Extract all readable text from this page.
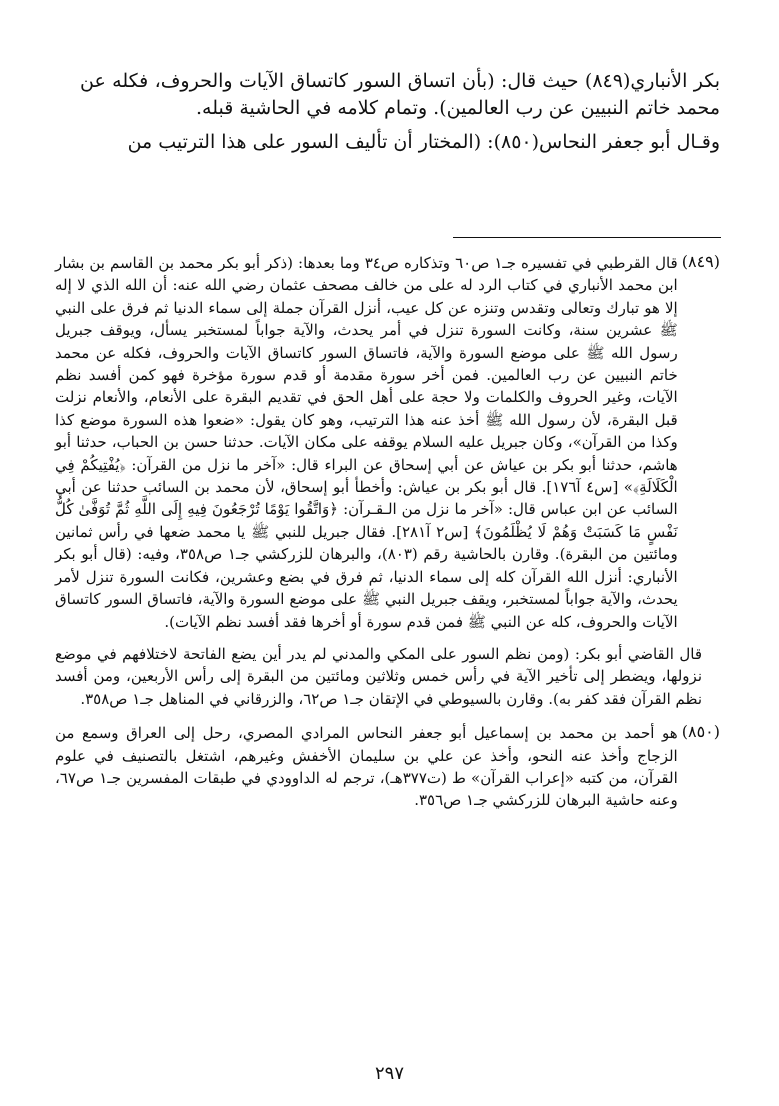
بكر الأنباري(٨٤٩) حيث قال: (بأن اتساق السور كاتساق الآيات والحروف، فكله عن محمد خاتم النبيين عن رب العالمين). وتمام كلامه في الحاشية قبله.

وقـال أبو جعفر النحاس(٨٥٠): (المختار أن تأليف السور على هذا الترتيب من

(٨٤٩)

قال القرطبي في تفسيره جـ١ ص٦٠ وتذكاره ص٣٤ وما بعدها: (ذكر أبو بكر محمد بن القاسم بن بشار ابن محمد الأنباري في كتاب الرد له على من خالف مصحف عثمان رضي الله عنه: أن الله الذي لا إله إلا هو تبارك وتعالى وتقدس وتنزه عن كل عيب، أنزل القرآن جملة إلى سماء الدنيا ثم فرق على النبي ﷺ عشرين سنة، وكانت السورة تنزل في أمر يحدث، والآية جواباً لمستخبر يسأل، ويوقف جبريل رسول الله ﷺ على موضع السورة والآية، فاتساق السور كاتساق الآيات والحروف، فكله عن محمد خاتم النبيين عن رب العالمين. فمن أخر سورة مقدمة أو قدم سورة مؤخرة فهو كمن أفسد نظم الآيات، وغير الحروف والكلمات ولا حجة على أهل الحق في تقديم البقرة على الأنعام، والأنعام نزلت قبل البقرة، لأن رسول الله ﷺ أخذ عنه هذا الترتيب، وهو كان يقول: «ضعوا هذه السورة موضع كذا وكذا من القرآن»، وكان جبريل عليه السلام يوقفه على مكان الآيات. حدثنا حسن بن الحباب، حدثنا أبو هاشم، حدثنا أبو بكر بن عياش عن أبي إسحاق عن البراء قال: «آخر ما نزل من القرآن: ﴿يُفْتِيكُمْ فِي الْكَلَالَةِ﴾» [س٤ آ١٧٦]. قال أبو بكر بن عياش: وأخطأ أبو إسحاق، لأن محمد بن السائب حدثنا عن أبي السائب عن ابن عباس قال: «آخر ما نزل من الـقـرآن: ﴿وَاتَّقُوا يَوْمًا تُرْجَعُونَ فِيهِ إِلَى اللَّهِ ثُمَّ تُوَفَّىٰ كُلُّ نَفْسٍ مَا كَسَبَتْ وَهُمْ لَا يُظْلَمُونَ﴾ [س٢ آ٢٨١]. فقال جبريل للنبي ﷺ يا محمد ضعها في رأس ثمانين ومائتين من البقرة). وقارن بالحاشية رقم (٨٠٣)، والبرهان للزركشي جـ١ ص٣٥٨، وفيه: (قال أبو بكر الأنباري: أنزل الله القرآن كله إلى سماء الدنيا، ثم فرق في بضع وعشرين، فكانت السورة تنزل لأمر يحدث، والآية جواباً لمستخبر، ويقف جبريل النبي ﷺ على موضع السورة والآية، فاتساق السور كاتساق الآيات والحروف، كله عن النبي ﷺ فمن قدم سورة أو أخرها فقد أفسد نظم الآيات).

قال القاضي أبو بكر: (ومن نظم السور على المكي والمدني لم يدر أين يضع الفاتحة لاختلافهم في موضع نزولها، ويضطر إلى تأخير الآية في رأس خمس وثلاثين ومائتين من البقرة إلى رأس الأربعين، ومن أفسد نظم القرآن فقد كفر به). وقارن بالسيوطي في الإتقان جـ١ ص٦٢، والزرقاني في المناهل جـ١ ص٣٥٨.

(٨٥٠)

هو أحمد بن محمد بن إسماعيل أبو جعفر النحاس المرادي المصري، رحل إلى العراق وسمع من الزجاج وأخذ عنه النحو، وأخذ عن علي بن سليمان الأخفش وغيرهم، اشتغل بالتصنيف في علوم القرآن، من كتبه «إعراب القرآن» ط (ت٣٧٧هـ)، ترجم له الداوودي في طبقات المفسرين جـ١ ص٦٧، وعنه حاشية البرهان للزركشي جـ١ ص٣٥٦.

٢٩٧
